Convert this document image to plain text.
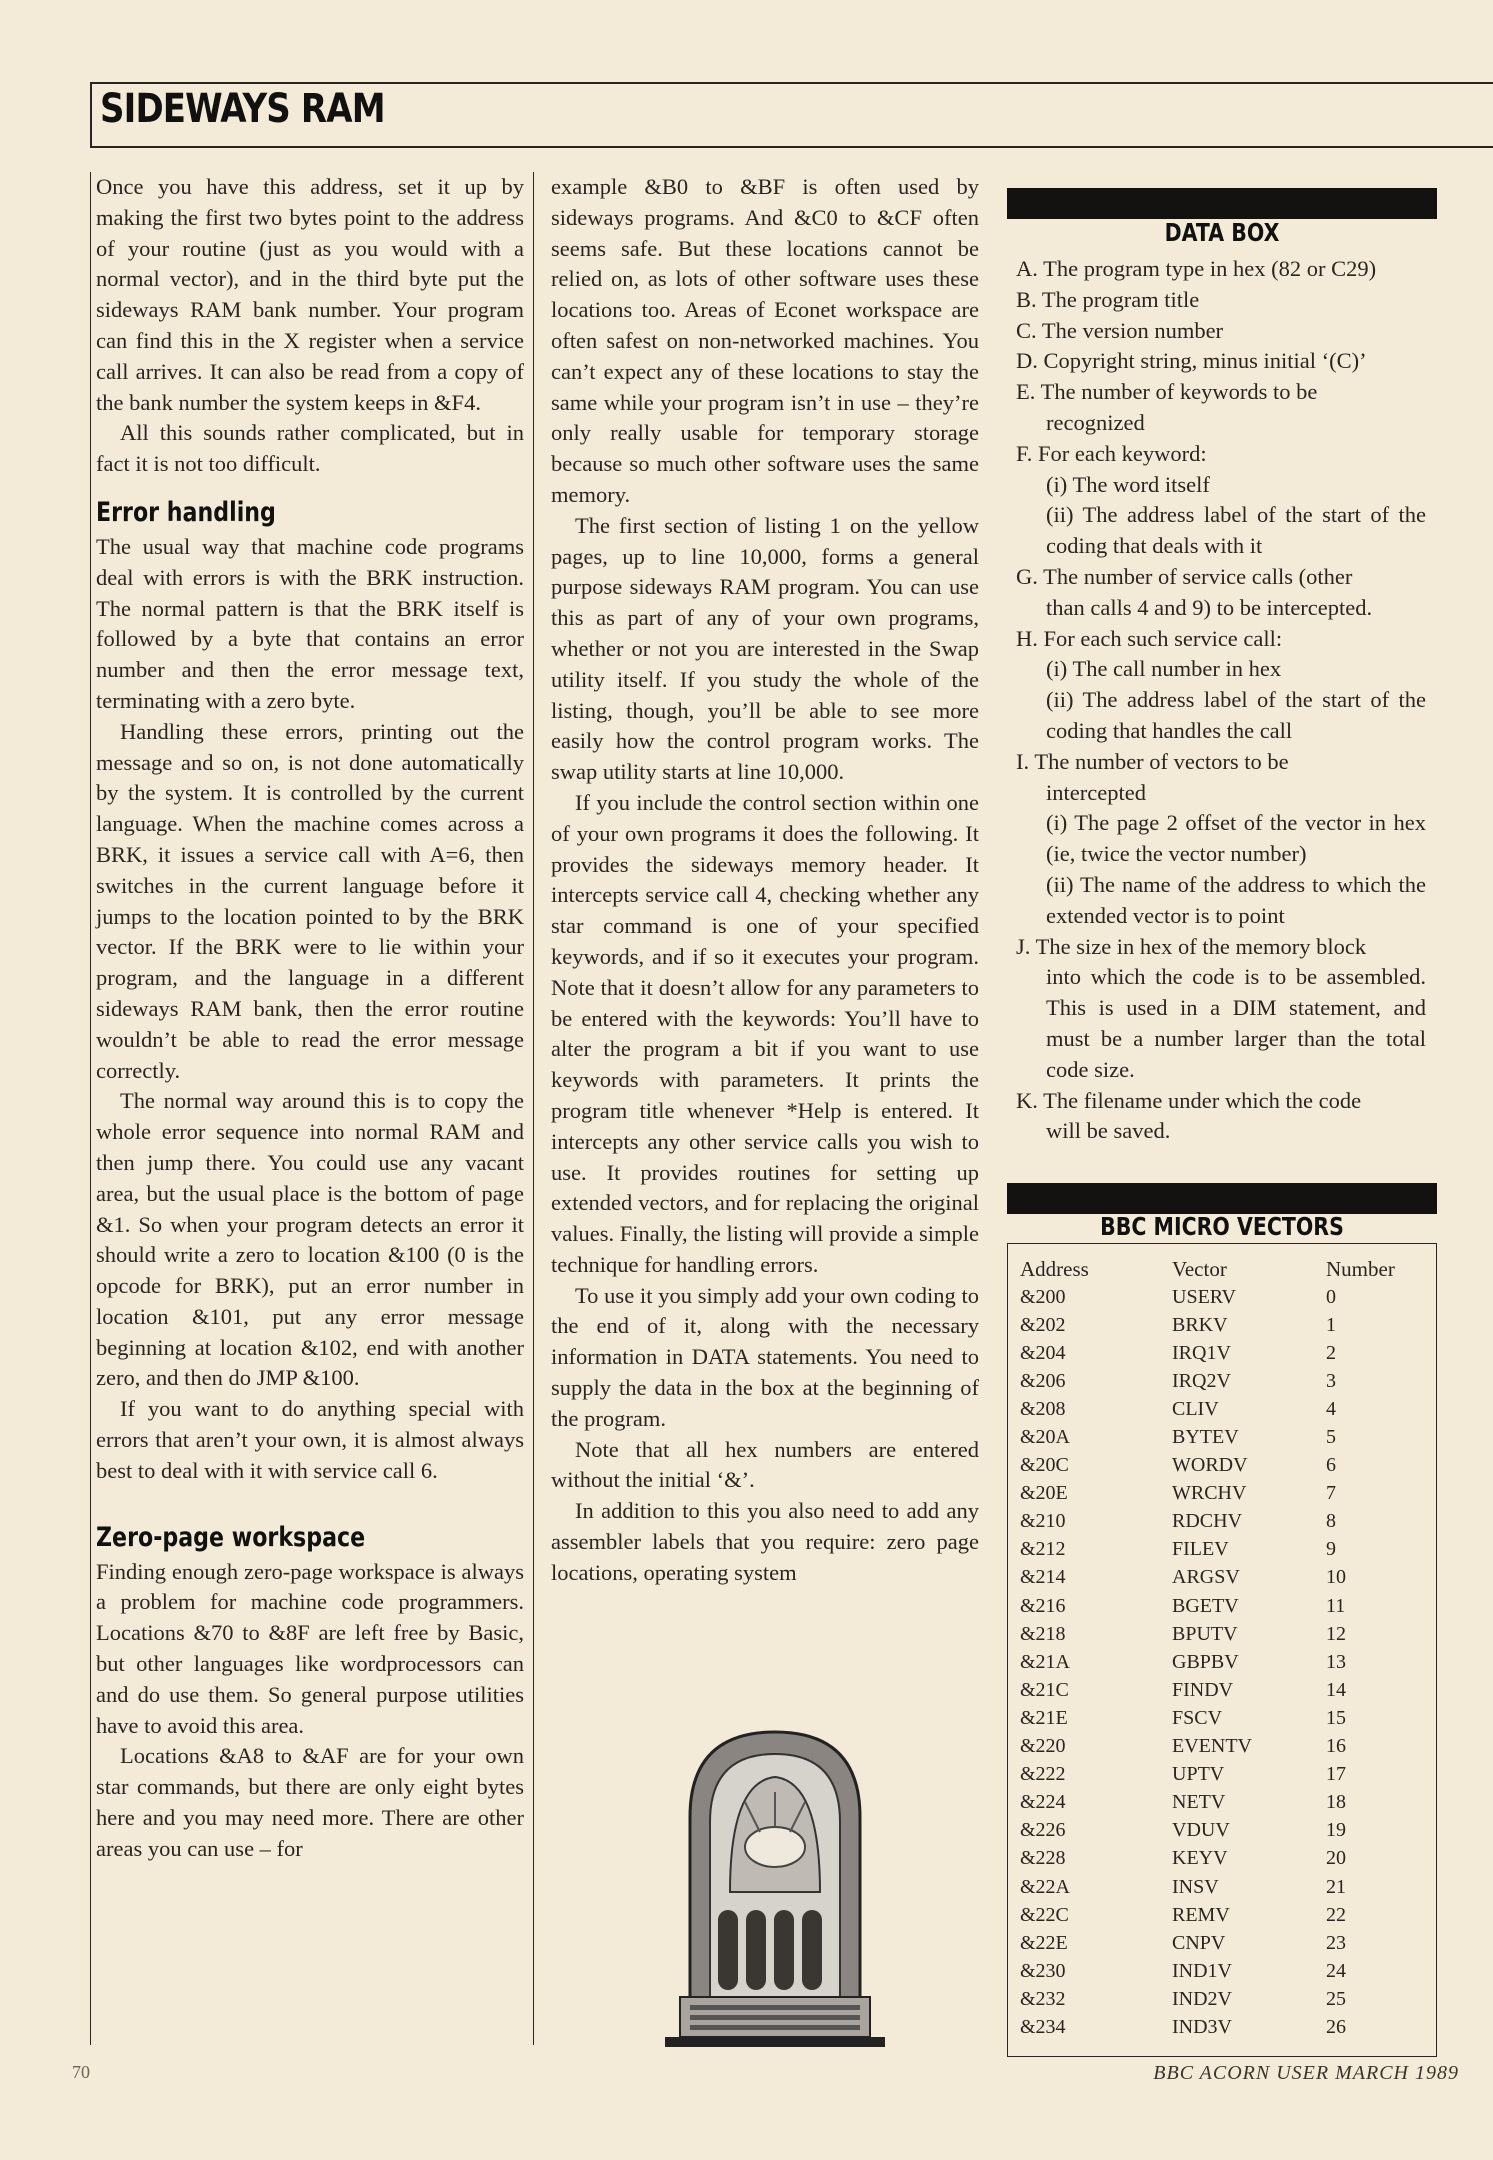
SIDEWAYS RAM

Once you have this address, set it up by making the first two bytes point to the address of your routine (just as you would with a normal vector), and in the third byte put the sideways RAM bank number. Your program can find this in the X register when a service call arrives. It can also be read from a copy of the bank number the system keeps in &F4.

All this sounds rather complicated, but in fact it is not too difficult.

Error handling

The usual way that machine code programs deal with errors is with the BRK instruction. The normal pattern is that the BRK itself is followed by a byte that contains an error number and then the error message text, terminating with a zero byte.

Handling these errors, printing out the message and so on, is not done automatically by the system. It is controlled by the current language. When the machine comes across a BRK, it issues a service call with A=6, then switches in the current language before it jumps to the location pointed to by the BRK vector. If the BRK were to lie within your program, and the language in a different sideways RAM bank, then the error routine wouldn’t be able to read the error message correctly.

The normal way around this is to copy the whole error sequence into normal RAM and then jump there. You could use any vacant area, but the usual place is the bottom of page &1. So when your program detects an error it should write a zero to location &100 (0 is the opcode for BRK), put an error number in location &101, put any error message beginning at location &102, end with another zero, and then do JMP &100.

If you want to do anything special with errors that aren’t your own, it is almost always best to deal with it with service call 6.

Zero-page workspace

Finding enough zero-page workspace is always a problem for machine code programmers. Locations &70 to &8F are left free by Basic, but other languages like wordprocessors can and do use them. So general purpose utilities have to avoid this area.

Locations &A8 to &AF are for your own star commands, but there are only eight bytes here and you may need more. There are other areas you can use – for

example &B0 to &BF is often used by sideways programs. And &C0 to &CF often seems safe. But these locations cannot be relied on, as lots of other software uses these locations too. Areas of Econet workspace are often safest on non-networked machines. You can’t expect any of these locations to stay the same while your program isn’t in use – they’re only really usable for temporary storage because so much other software uses the same memory.

The first section of listing 1 on the yellow pages, up to line 10,000, forms a general purpose sideways RAM program. You can use this as part of any of your own programs, whether or not you are interested in the Swap utility itself. If you study the whole of the listing, though, you’ll be able to see more easily how the control program works. The swap utility starts at line 10,000.

If you include the control section within one of your own programs it does the following. It provides the sideways memory header. It intercepts service call 4, checking whether any star command is one of your specified keywords, and if so it executes your program. Note that it doesn’t allow for any parameters to be entered with the keywords: You’ll have to alter the program a bit if you want to use keywords with parameters. It prints the program title whenever *Help is entered. It intercepts any other service calls you wish to use. It provides routines for setting up extended vectors, and for replacing the original values. Finally, the listing will provide a simple technique for handling errors.

To use it you simply add your own coding to the end of it, along with the necessary information in DATA statements. You need to supply the data in the box at the beginning of the program.

Note that all hex numbers are entered without the initial ‘&’.

In addition to this you also need to add any assembler labels that you require: zero page locations, operating system

DATA BOX
A. The program type in hex (82 or C29)
B. The program title
C. The version number
D. Copyright string, minus initial ‘(C)’
E. The number of keywords to be
recognized
F. For each keyword:
(i) The word itself
(ii) The address label of the start of the coding that deals with it
G. The number of service calls (other
than calls 4 and 9) to be intercepted.
H. For each such service call:
(i) The call number in hex
(ii) The address label of the start of the coding that handles the call
I. The number of vectors to be
intercepted
(i) The page 2 offset of the vector in hex (ie, twice the vector number)
(ii) The name of the address to which the extended vector is to point
J. The size in hex of the memory block
into which the code is to be assembled. This is used in a DIM statement, and must be a number larger than the total code size.
K. The filename under which the code
will be saved.
BBC MICRO VECTORS
Address	Vector	Number
&200	USERV	0
&202	BRKV	1
&204	IRQ1V	2
&206	IRQ2V	3
&208	CLIV	4
&20A	BYTEV	5
&20C	WORDV	6
&20E	WRCHV	7
&210	RDCHV	8
&212	FILEV	9
&214	ARGSV	10
&216	BGETV	11
&218	BPUTV	12
&21A	GBPBV	13
&21C	FINDV	14
&21E	FSCV	15
&220	EVENTV	16
&222	UPTV	17
&224	NETV	18
&226	VDUV	19
&228	KEYV	20
&22A	INSV	21
&22C	REMV	22
&22E	CNPV	23
&230	IND1V	24
&232	IND2V	25
&234	IND3V	26
70	BBC ACORN USER MARCH 1989
